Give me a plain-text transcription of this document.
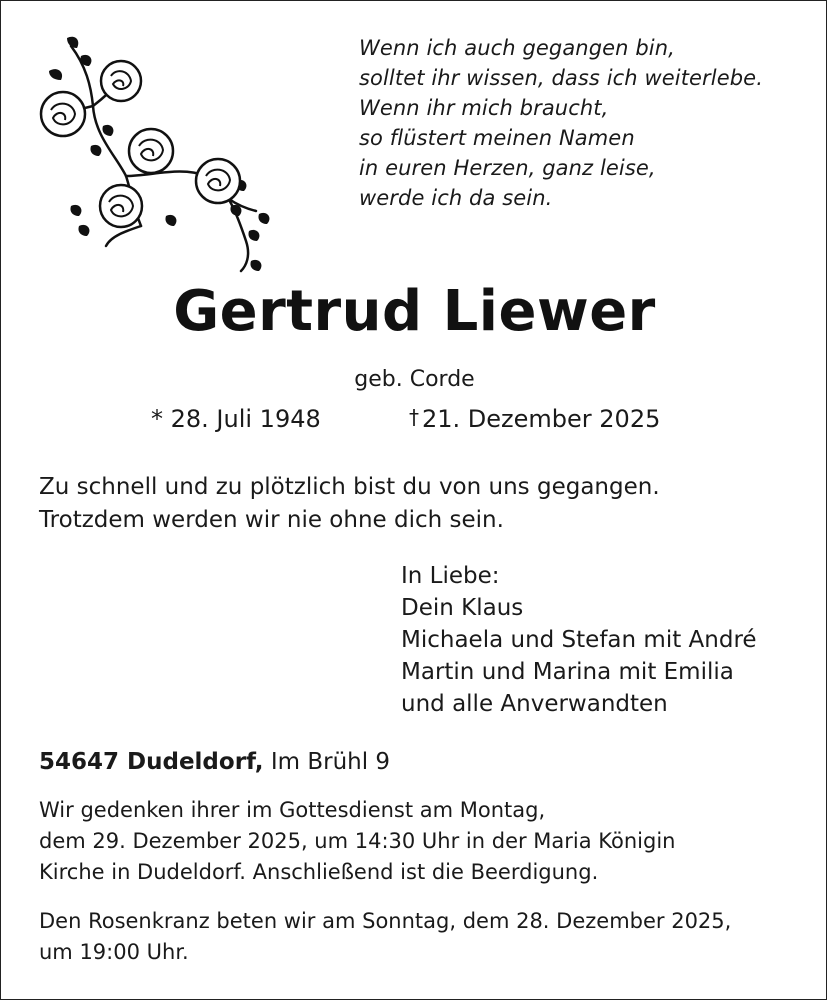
Wenn ich auch gegangen bin,
solltet ihr wissen, dass ich weiterlebe.
Wenn ihr mich braucht,
so flüstert meinen Namen
in euren Herzen, ganz leise,
werde ich da sein.
Gertrud Liewer
geb. Corde
* 28. Juli 1948	† 21. Dezember 2025
Zu schnell und zu plötzlich bist du von uns gegangen.
Trotzdem werden wir nie ohne dich sein.
In Liebe:
Dein Klaus
Michaela und Stefan mit André
Martin und Marina mit Emilia
und alle Anverwandten
54647 Dudeldorf, Im Brühl 9
Wir gedenken ihrer im Gottesdienst am Montag,
dem 29. Dezember 2025, um 14:30 Uhr in der Maria Königin
Kirche in Dudeldorf. Anschließend ist die Beerdigung.
Den Rosenkranz beten wir am Sonntag, dem 28. Dezember 2025,
um 19:00 Uhr.
